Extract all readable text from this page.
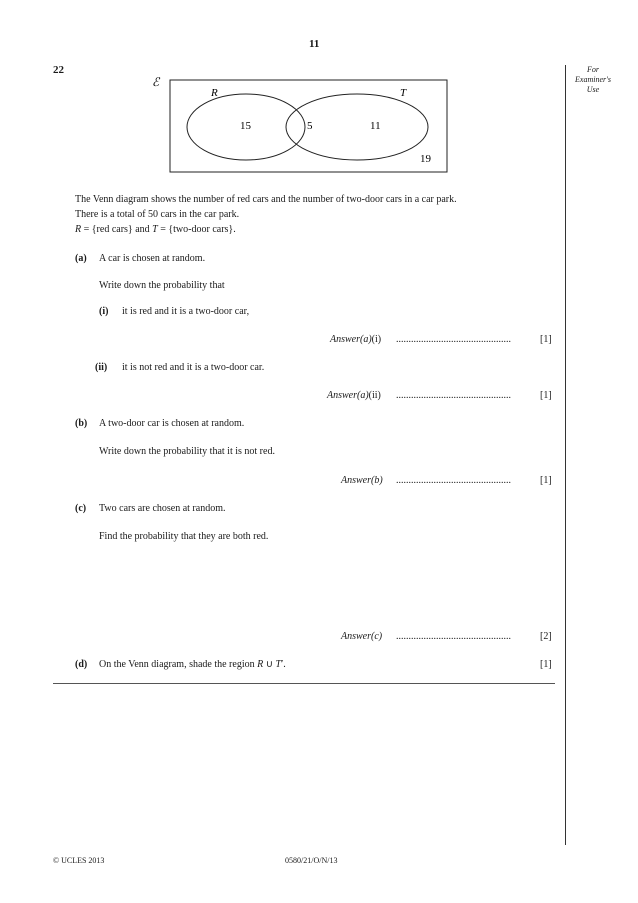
11
22	For
Examiner's
Use
ℰ
R	T
15	5	11
19
The Venn diagram shows the number of red cars and the number of two-door cars in a car park.
There is a total of 50 cars in the car park.
R = {red cars} and T = {two-door cars}.
(a) A car is chosen at random.
Write down the probability that
(i) it is red and it is a two-door car,
Answer(a)(i) ..............................................	[1]
(ii) it is not red and it is a two-door car.
Answer(a)(ii) ..............................................	[1]
(b) A two-door car is chosen at random.
Write down the probability that it is not red.
Answer(b) ..............................................	[1]
(c) Two cars are chosen at random.
Find the probability that they are both red.
Answer(c) ..............................................	[2]
(d) On the Venn diagram, shade the region R ∪ T′.	[1]
© UCLES 2013	0580/21/O/N/13
